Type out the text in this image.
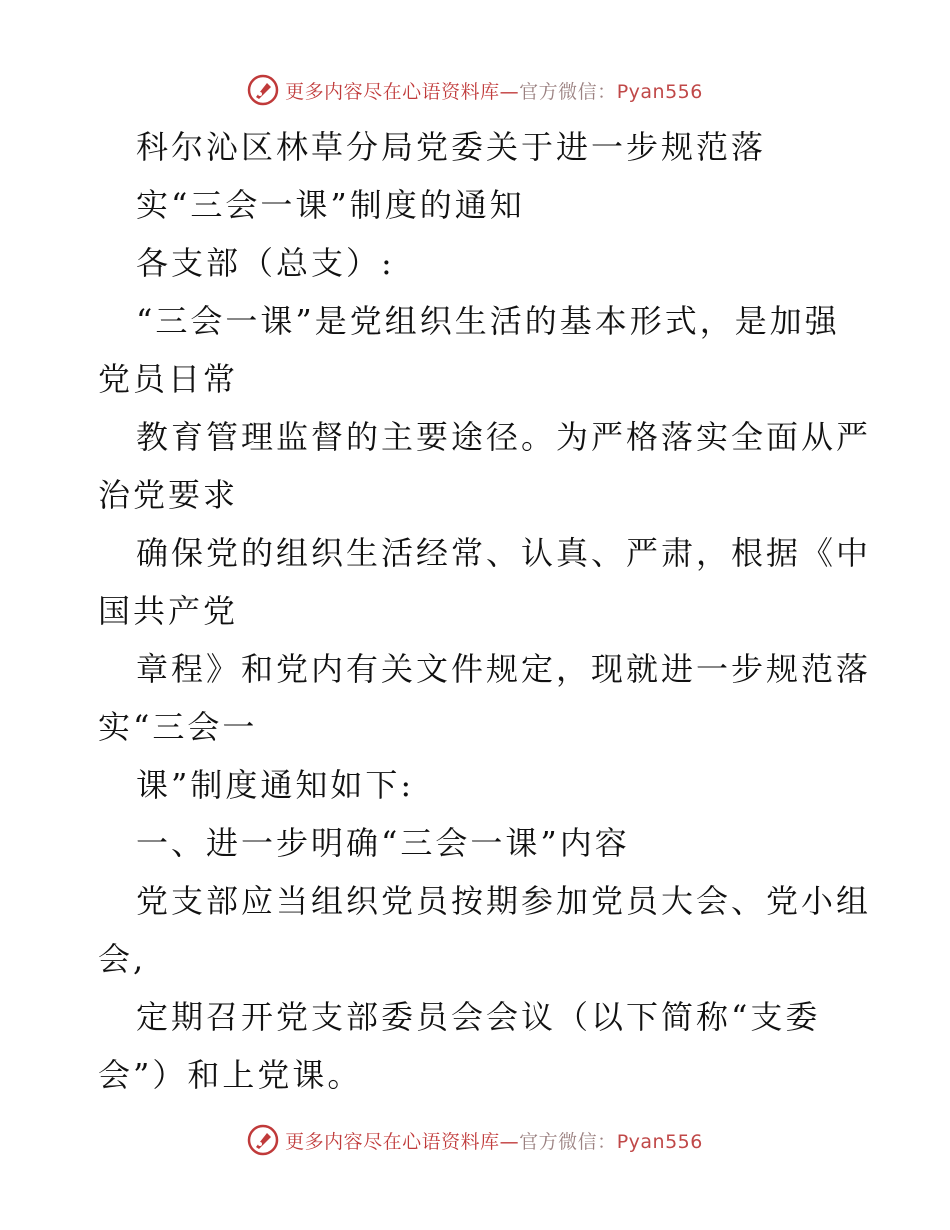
更多内容尽在心语资料库—官方微信：Pyan556
科尔沁区林草分局党委关于进一步规范落
实“三会一课”制度的通知
各支部（总支）:
“三会一课”是党组织生活的基本形式，是加强
党员日常
教育管理监督的主要途径。为严格落实全面从严
治党要求
确保党的组织生活经常、认真、严肃，根据《中
国共产党
章程》和党内有关文件规定，现就进一步规范落
实“三会一
课”制度通知如下:
一、进一步明确“三会一课”内容
党支部应当组织党员按期参加党员大会、党小组
会,
定期召开党支部委员会会议（以下简称“支委
会”）和上党课。
更多内容尽在心语资料库—官方微信：Pyan556
